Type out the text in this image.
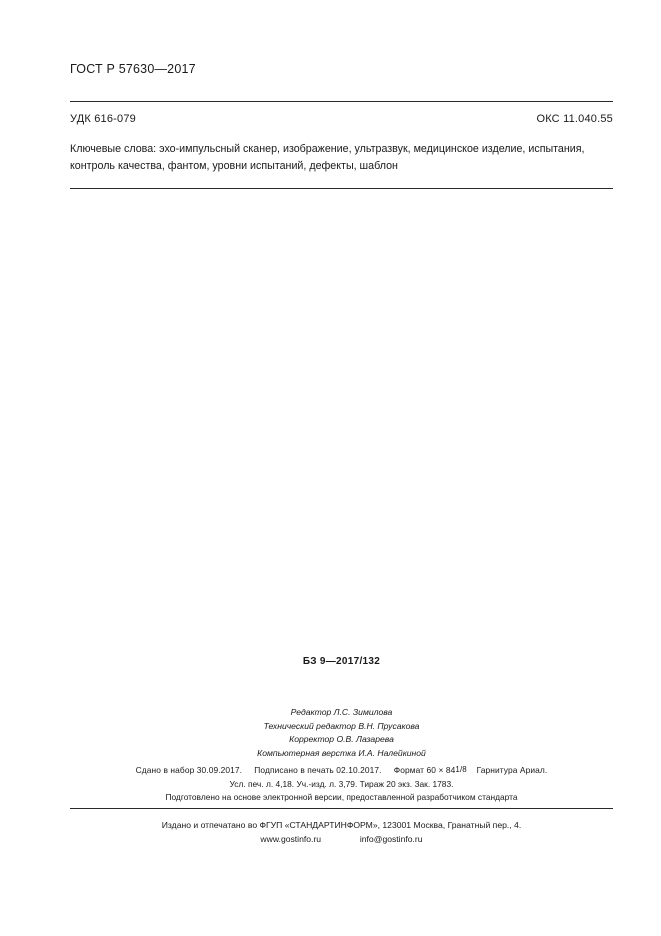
ГОСТ Р 57630—2017
УДК 616-079	ОКС 11.040.55
Ключевые слова: эхо-импульсный сканер, изображение, ультразвук, медицинское изделие, испытания, контроль качества, фантом, уровни испытаний, дефекты, шаблон
БЗ 9—2017/132
Редактор Л.С. Зимилова
Технический редактор В.Н. Прусакова
Корректор О.В. Лазарева
Компьютерная верстка И.А. Налейкиной
Сдано в набор 30.09.2017. Подписано в печать 02.10.2017. Формат 60 × 841/8 Гарнитура Ариал.
Усл. печ. л. 4,18. Уч.-изд. л. 3,79. Тираж 20 экз. Зак. 1783.
Подготовлено на основе электронной версии, предоставленной разработчиком стандарта
Издано и отпечатано во ФГУП «СТАНДАРТИНФОРМ», 123001 Москва, Гранатный пер., 4.
www.gostinfo.ru	info@gostinfo.ru
